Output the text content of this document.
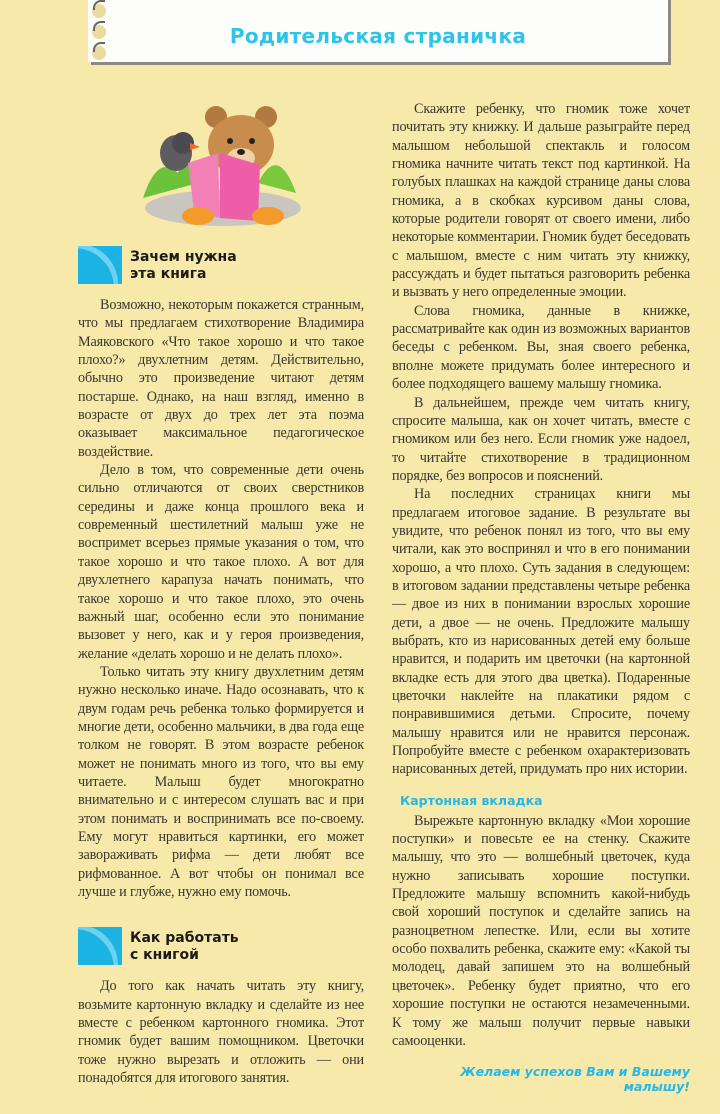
Родительская страничка
Зачем нужна
эта книга

Возможно, некоторым покажется странным, что мы предлагаем стихотворение Владимира Маяковского «Что такое хорошо и что такое плохо?» двухлетним детям. Действительно, обычно это произведение читают детям постарше. Однако, на наш взгляд, именно в возрасте от двух до трех лет эта поэма оказывает максимальное педагогическое воздействие.

Дело в том, что современные дети очень сильно отличаются от своих сверстников середины и даже конца прошлого века и современный шестилетний малыш уже не воспримет всерьез прямые указания о том, что такое хорошо и что такое плохо. А вот для двухлетнего карапуза начать понимать, что такое хорошо и что такое плохо, это очень важный шаг, особенно если это понимание вызовет у него, как и у героя произведения, желание «делать хорошо и не делать плохо».

Только читать эту книгу двухлетним детям нужно несколько иначе. Надо осознавать, что к двум годам речь ребенка только формируется и многие дети, особенно мальчики, в два года еще толком не говорят. В этом возрасте ребенок может не понимать много из того, что вы ему читаете. Малыш будет многократно внимательно и с интересом слушать вас и при этом понимать и воспринимать все по-своему. Ему могут нравиться картинки, его может завораживать рифма — дети любят все рифмованное. А вот чтобы он понимал все лучше и глубже, нужно ему помочь.

Как работать
с книгой

До того как начать читать эту книгу, возьмите картонную вкладку и сделайте из нее вместе с ребенком картонного гномика. Этот гномик будет вашим помощником. Цветочки тоже нужно вырезать и отложить — они понадобятся для итогового занятия.

Скажите ребенку, что гномик тоже хочет почитать эту книжку. И дальше разыграйте перед малышом небольшой спектакль и голосом гномика начните читать текст под картинкой. На голубых плашках на каждой странице даны слова гномика, а в скобках курсивом даны слова, которые родители говорят от своего имени, либо некоторые комментарии. Гномик будет беседовать с малышом, вместе с ним читать эту книжку, рассуждать и будет пытаться разговорить ребенка и вызвать у него определенные эмоции.

Слова гномика, данные в книжке, рассматривайте как один из возможных вариантов беседы с ребенком. Вы, зная своего ребенка, вполне можете придумать более интересного и более подходящего вашему малышу гномика.

В дальнейшем, прежде чем читать книгу, спросите малыша, как он хочет читать, вместе с гномиком или без него. Если гномик уже надоел, то читайте стихотворение в традиционном порядке, без вопросов и пояснений.

На последних страницах книги мы предлагаем итоговое задание. В результате вы увидите, что ребенок понял из того, что вы ему читали, как это воспринял и что в его понимании хорошо, а что плохо. Суть задания в следующем: в итоговом задании представлены четыре ребенка — двое из них в понимании взрослых хорошие дети, а двое — не очень. Предложите малышу выбрать, кто из нарисованных детей ему больше нравится, и подарить им цветочки (на картонной вкладке есть для этого два цветка). Подаренные цветочки наклейте на плакатики рядом с понравившимися детьми. Спросите, почему малышу нравится или не нравится персонаж. Попробуйте вместе с ребенком охарактеризовать нарисованных детей, придумать про них истории.

Картонная вкладка

Вырежьте картонную вкладку «Мои хорошие поступки» и повесьте ее на стенку. Скажите малышу, что это — волшебный цветочек, куда нужно записывать хорошие поступки. Предложите малышу вспомнить какой-нибудь свой хороший поступок и сделайте запись на разноцветном лепестке. Или, если вы хотите особо похвалить ребенка, скажите ему: «Какой ты молодец, давай запишем это на волшебный цветочек». Ребенку будет приятно, что его хорошие поступки не остаются незамеченными. К тому же малыш получит первые навыки самооценки.

Желаем успехов Вам и Вашему малышу!
